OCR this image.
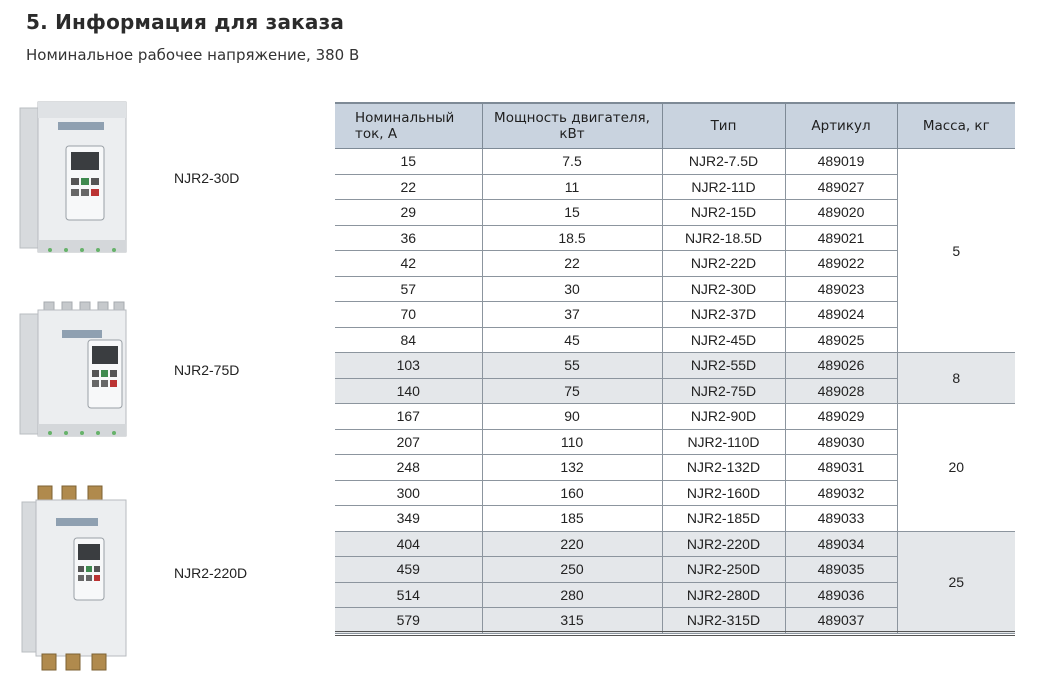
5. Информация для заказа

Номинальное рабочее напряжение, 380 В

NJR2-30D
NJR2-75D
NJR2-220D
Номинальный ток, А	Мощность двигателя, кВт	Тип	Артикул	Масса, кг
15	7.5	NJR2-7.5D	489019	5
22	11	NJR2-11D	489027	
29	15	NJR2-15D	489020	
36	18.5	NJR2-18.5D	489021	
42	22	NJR2-22D	489022	
57	30	NJR2-30D	489023	
70	37	NJR2-37D	489024	
84	45	NJR2-45D	489025	
103	55	NJR2-55D	489026	8
140	75	NJR2-75D	489028	
167	90	NJR2-90D	489029	20
207	110	NJR2-110D	489030	
248	132	NJR2-132D	489031	
300	160	NJR2-160D	489032	
349	185	NJR2-185D	489033	
404	220	NJR2-220D	489034	25
459	250	NJR2-250D	489035	
514	280	NJR2-280D	489036	
579	315	NJR2-315D	489037	
